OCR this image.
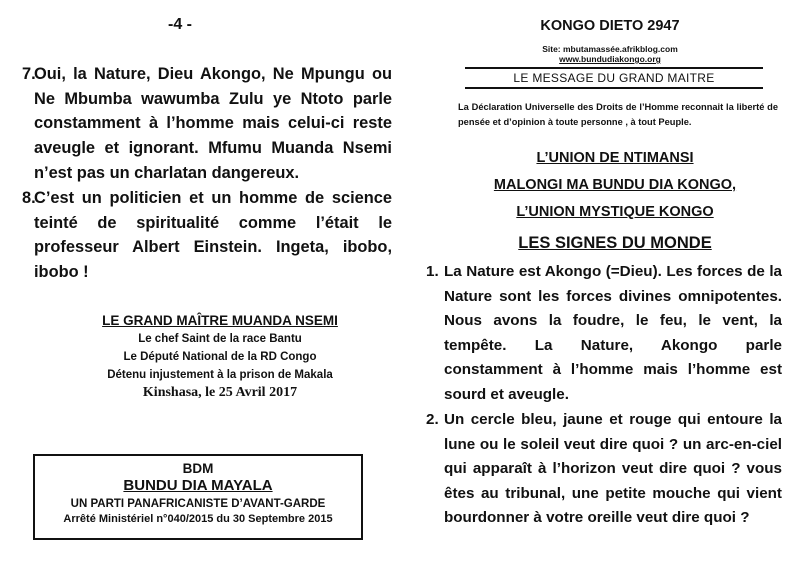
-4 -
7.
Oui, la Nature, Dieu Akongo, Ne Mpungu ou Ne Mbumba wawumba Zulu ye Ntoto parle constamment à l’homme mais celui-ci reste aveugle et ignorant. Mfumu Muanda Nsemi n’est pas un charlatan dangereux.
8.
C’est un politicien et un homme de science teinté de spiritualité comme l’était le professeur Albert Einstein. Ingeta, ibobo, ibobo !
LE GRAND MAÎTRE MUANDA NSEMI
Le chef Saint de la race Bantu
Le Député National de la RD Congo
Détenu injustement à la prison de Makala
Kinshasa, le 25 Avril 2017
BDM
BUNDU DIA MAYALA
UN PARTI PANAFRICANISTE D’AVANT-GARDE
Arrêté Ministériel n°040/2015 du 30 Septembre 2015
KONGO DIETO 2947
Site: mbutamassée.afrikblog.com
www.bundudiakongo.org
LE MESSAGE DU GRAND MAITRE
La Déclaration Universelle des Droits de l’Homme reconnait la liberté de pensée et d’opinion à toute personne , à tout Peuple.
L’UNION DE NTIMANSI
MALONGI MA BUNDU DIA KONGO,
L’UNION MYSTIQUE KONGO
LES SIGNES DU MONDE
1. La Nature est Akongo (=Dieu). Les forces de la Nature sont les forces divines omnipotentes. Nous avons la foudre, le feu, le vent, la tempête. La Nature, Akongo parle constamment à l’homme mais l’homme est sourd et aveugle.
2. Un cercle bleu, jaune et rouge qui entoure la lune ou le soleil veut dire quoi ? un arc-en-ciel qui apparaît à l’horizon veut dire quoi ? vous êtes au tribunal, une petite mouche qui vient bourdonner à votre oreille veut dire quoi ?
